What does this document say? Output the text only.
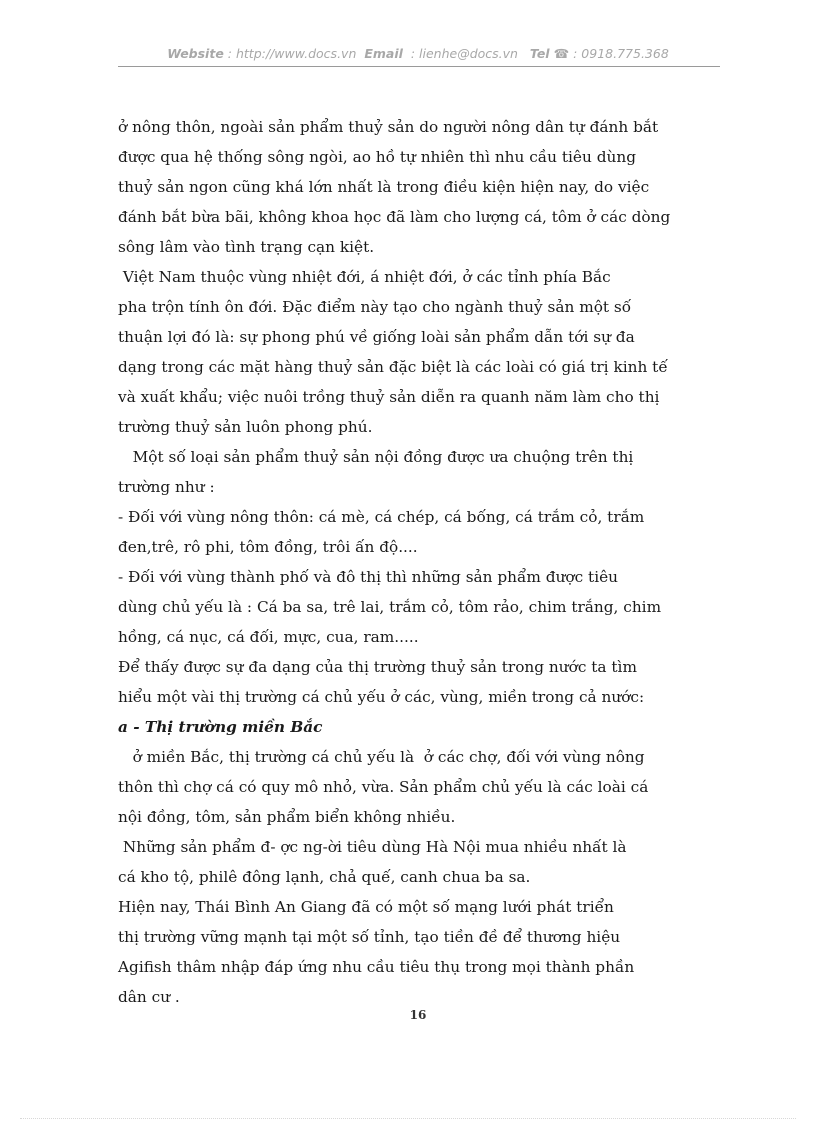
Website : http://www.docs.vn Email : lienhe@docs.vn Tel ☎ : 0918.775.368
ở nông thôn, ngoài sản phẩm thuỷ sản do người nông dân tự đánh bắt
được qua hệ thống sông ngòi, ao hồ tự nhiên thì nhu cầu tiêu dùng
thuỷ sản ngon cũng khá lớn nhất là trong điều kiện hiện nay, do việc
đánh bắt bừa bãi, không khoa học đã làm cho lượng cá, tôm ở các dòng
sông lâm vào tình trạng cạn kiệt.
Việt Nam thuộc vùng nhiệt đới, á nhiệt đới, ở các tỉnh phía Bắc
pha trộn tính ôn đới. Đặc điểm này tạo cho ngành thuỷ sản một số
thuận lợi đó là: sự phong phú về giống loài sản phẩm dẫn tới sự đa
dạng trong các mặt hàng thuỷ sản đặc biệt là các loài có giá trị kinh tế
và xuất khẩu; việc nuôi trồng thuỷ sản diễn ra quanh năm làm cho thị
trường thuỷ sản luôn phong phú.
Một số loại sản phẩm thuỷ sản nội đồng được ưa chuộng trên thị
trường như :
- Đối với vùng nông thôn: cá mè, cá chép, cá bống, cá trắm cỏ, trắm
đen,trê, rô phi, tôm đồng, trôi ấn độ....
- Đối với vùng thành phố và đô thị thì những sản phẩm được tiêu
dùng chủ yếu là : Cá ba sa, trê lai, trắm cỏ, tôm rảo, chim trắng, chim
hồng, cá nục, cá đối, mực, cua, ram.....
Để thấy được sự đa dạng của thị trường thuỷ sản trong nước ta tìm
hiểu một vài thị trường cá chủ yếu ở các, vùng, miền trong cả nước:
a - Thị trường miền Bắc
ở miền Bắc, thị trường cá chủ yếu là  ở các chợ, đối với vùng nông
thôn thì chợ cá có quy mô nhỏ, vừa. Sản phẩm chủ yếu là các loài cá
nội đồng, tôm, sản phẩm biển không nhiều.
Những sản phẩm đ- ợc ng-ời tiêu dùng Hà Nội mua nhiều nhất là
cá kho tộ, philê đông lạnh, chả quế, canh chua ba sa.
Hiện nay, Thái Bình An Giang đã có một số mạng lưới phát triển
thị trường vững mạnh tại một số tỉnh, tạo tiền đề để thương hiệu
Agifish thâm nhập đáp ứng nhu cầu tiêu thụ trong mọi thành phần
dân cư .
16
